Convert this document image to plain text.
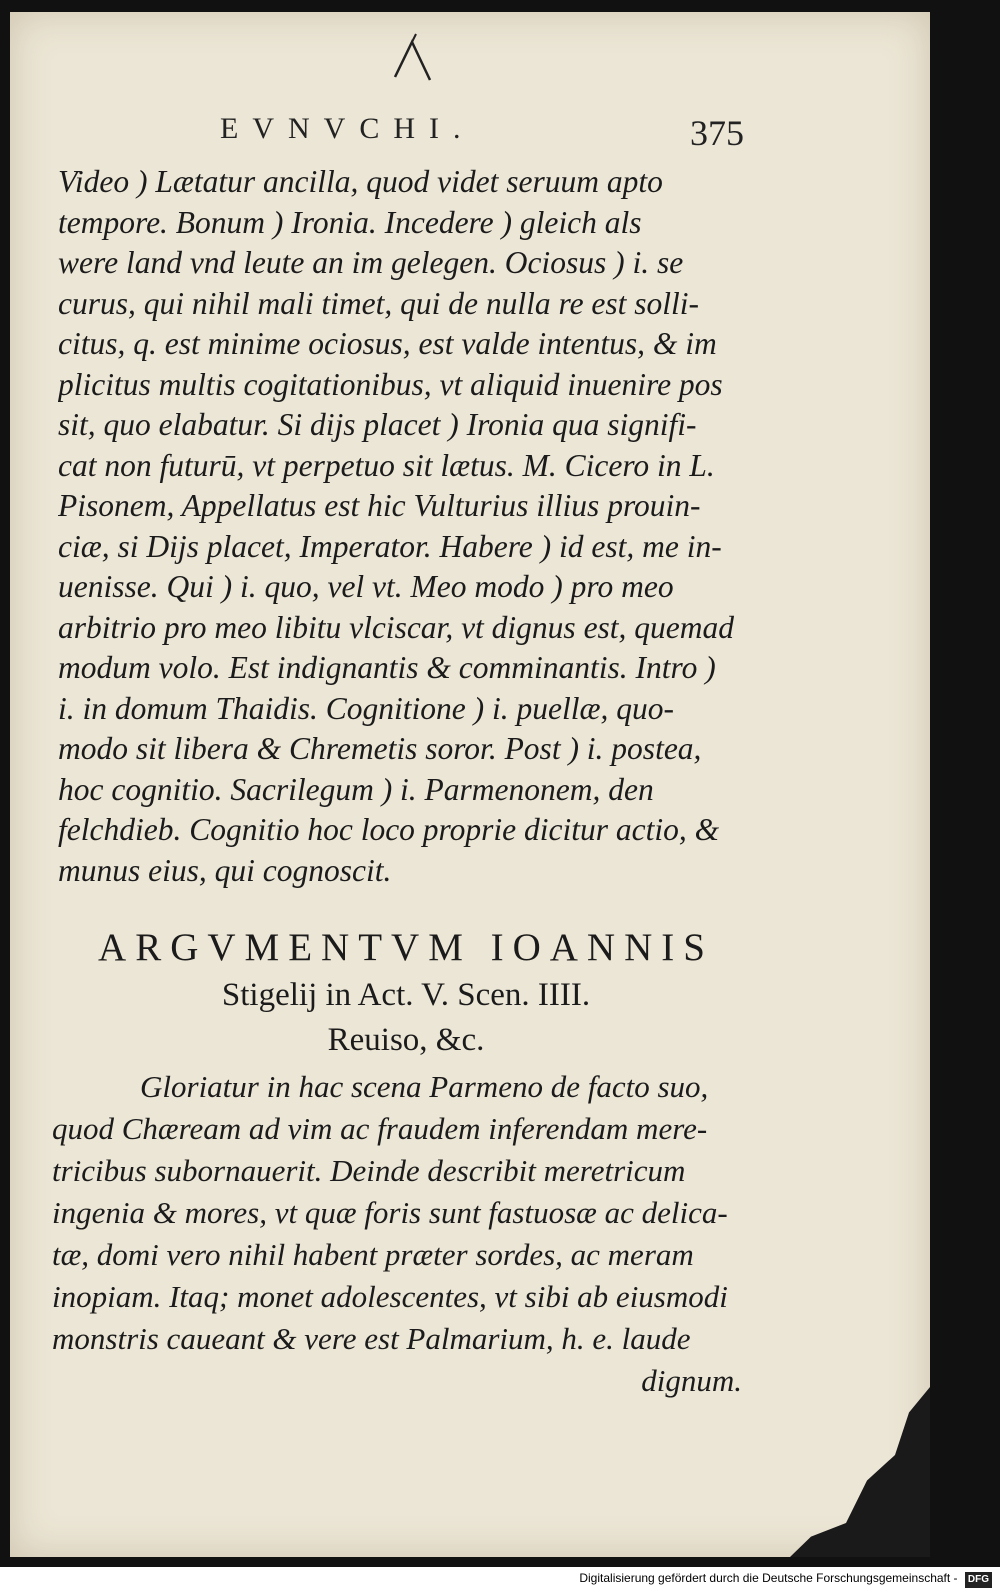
EVNVCHI.	375
Video ) Lætatur ancilla, quod videt seruum apto
tempore. Bonum ) Ironia. Incedere ) gleich als
were land vnd leute an im gelegen. Ociosus ) i. se
curus, qui nihil mali timet, qui de nulla re est solli-
citus, q. est minime ociosus, est valde intentus, & im
plicitus multis cogitationibus, vt aliquid inuenire pos
sit, quo elabatur. Si dijs placet ) Ironia qua signifi-
cat non futurū, vt perpetuo sit lætus. M. Cicero in L.
Pisonem, Appellatus est hic Vulturius illius prouin-
ciæ, si Dijs placet, Imperator. Habere ) id est, me in-
uenisse. Qui ) i. quo, vel vt. Meo modo ) pro meo
arbitrio pro meo libitu vlciscar, vt dignus est, quemad
modum volo. Est indignantis & comminantis. Intro )
i. in domum Thaidis. Cognitione ) i. puellæ, quo-
modo sit libera & Chremetis soror. Post ) i. postea,
hoc cognitio. Sacrilegum ) i. Parmenonem, den
felchdieb. Cognitio hoc loco proprie dicitur actio, &
munus eius, qui cognoscit.
ARGVMENTVM IOANNIS
Stigelij in Act. V. Scen. IIII.
Reuiso, &c.
Gloriatur in hac scena Parmeno de facto suo,
quod Chæream ad vim ac fraudem inferendam mere-
tricibus subornauerit. Deinde describit meretricum
ingenia & mores, vt quæ foris sunt fastuosæ ac delica-
tæ, domi vero nihil habent præter sordes, ac meram
inopiam. Itaq; monet adolescentes, vt sibi ab eiusmodi
monstris caueant & vere est Palmarium, h. e. laude
dignum.
Digitalisierung gefördert durch die Deutsche Forschungsgemeinschaft - DFG
